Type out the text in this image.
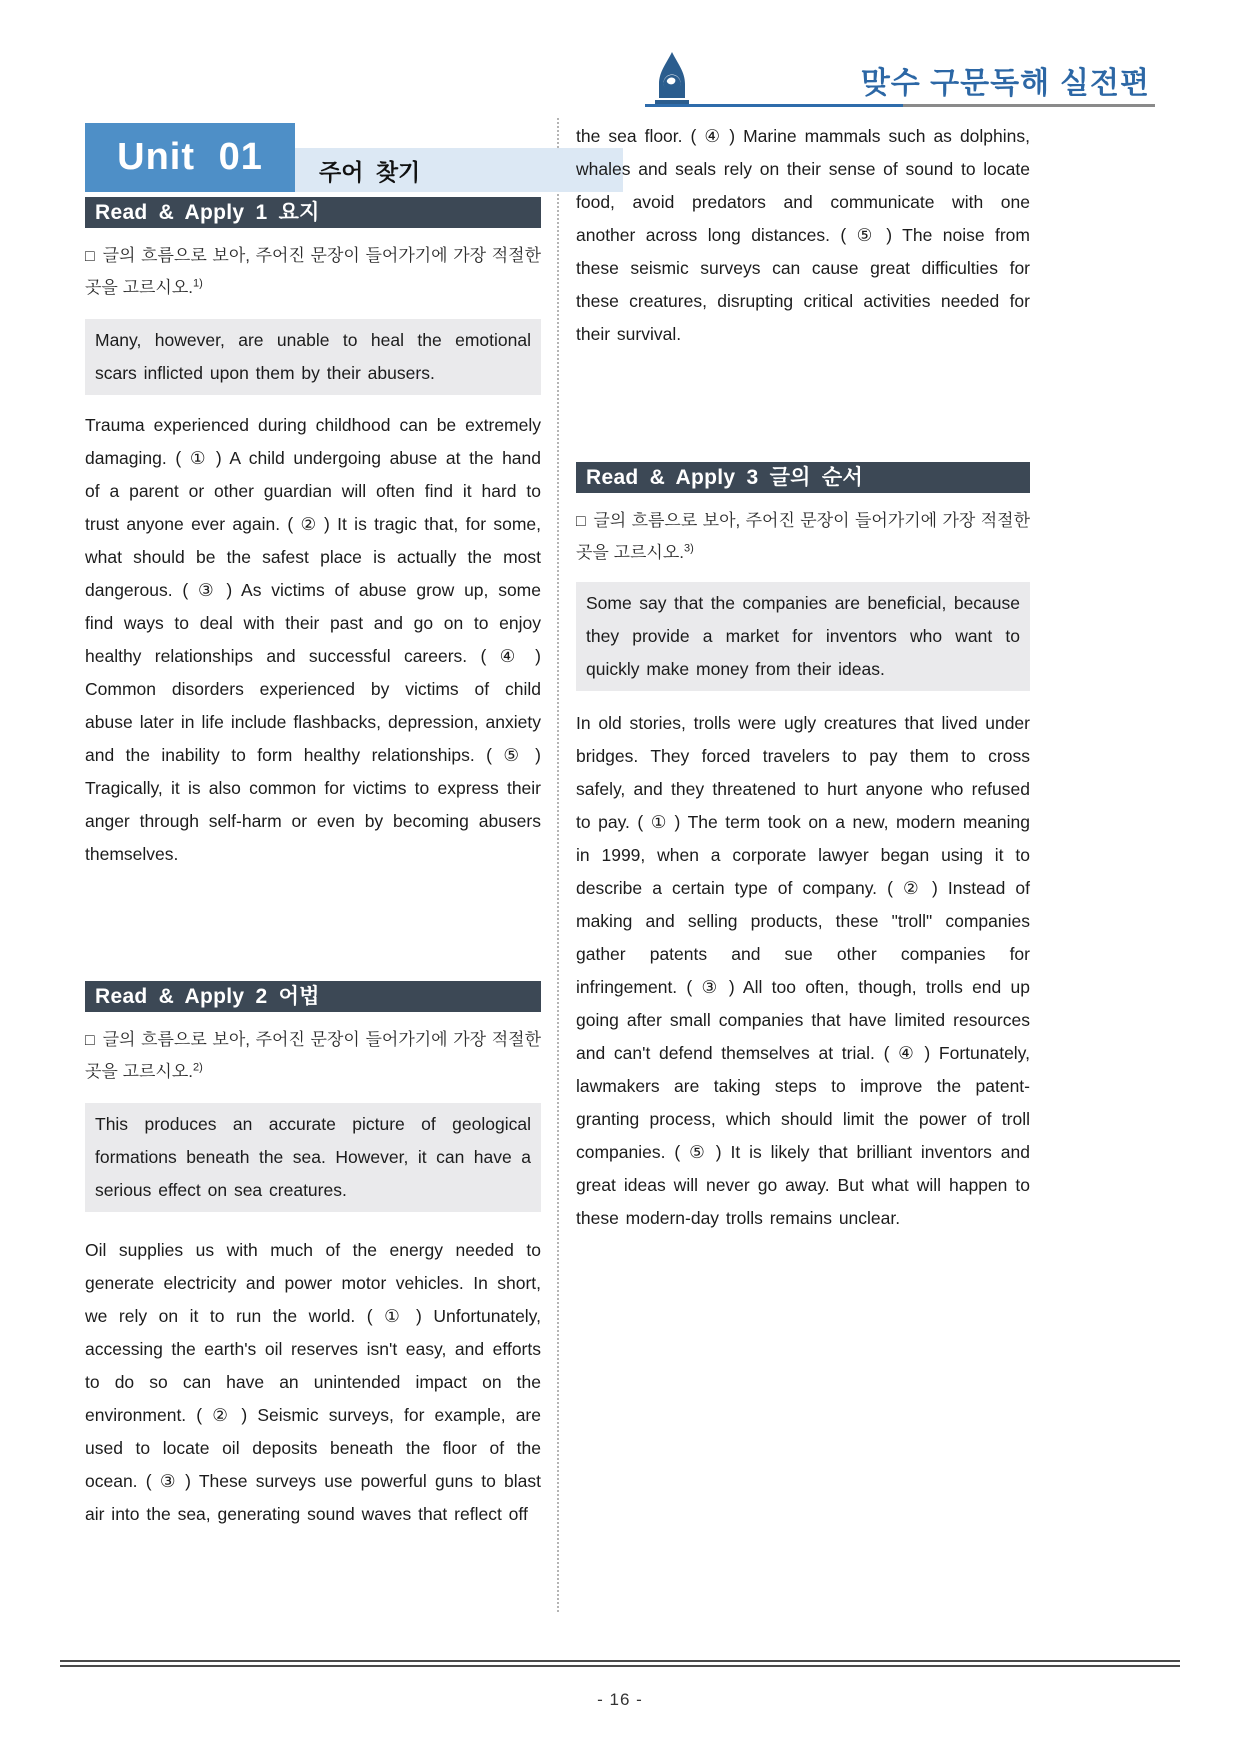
맞수 구문독해 실전편
Unit 01	주어 찾기
Read & Apply 1 요지

□ 글의 흐름으로 보아, 주어진 문장이 들어가기에 가장 적절한 곳을 고르시오.$^{1)}$

Many, however, are unable to heal the emotional scars inflicted upon them by their abusers.

Trauma experienced during childhood can be extremely damaging. ( ① ) A child undergoing abuse at the hand of a parent or other guardian will often find it hard to trust anyone ever again. ( ② ) It is tragic that, for some, what should be the safest place is actually the most dangerous. ( ③ ) As victims of abuse grow up, some find ways to deal with their past and go on to enjoy healthy relationships and successful careers. ( ④ ) Common disorders experienced by victims of child abuse later in life include flashbacks, depression, anxiety and the inability to form healthy relationships. ( ⑤ ) Tragically, it is also common for victims to express their anger through self-harm or even by becoming abusers themselves.

Read & Apply 2 어법

□ 글의 흐름으로 보아, 주어진 문장이 들어가기에 가장 적절한 곳을 고르시오.$^{2)}$

This produces an accurate picture of geological formations beneath the sea. However, it can have a serious effect on sea creatures.

Oil supplies us with much of the energy needed to generate electricity and power motor vehicles. In short, we rely on it to run the world. ( ① ) Unfortunately, accessing the earth's oil reserves isn't easy, and efforts to do so can have an unintended impact on the environment. ( ② ) Seismic surveys, for example, are used to locate oil deposits beneath the floor of the ocean. ( ③ ) These surveys use powerful guns to blast air into the sea, generating sound waves that reflect off

the sea floor. ( ④ ) Marine mammals such as dolphins, whales and seals rely on their sense of sound to locate food, avoid predators and communicate with one another across long distances. ( ⑤ ) The noise from these seismic surveys can cause great difficulties for these creatures, disrupting critical activities needed for their survival.

Read & Apply 3 글의 순서

□ 글의 흐름으로 보아, 주어진 문장이 들어가기에 가장 적절한 곳을 고르시오.$^{3)}$

Some say that the companies are beneficial, because they provide a market for inventors who want to quickly make money from their ideas.

In old stories, trolls were ugly creatures that lived under bridges. They forced travelers to pay them to cross safely, and they threatened to hurt anyone who refused to pay. ( ① ) The term took on a new, modern meaning in 1999, when a corporate lawyer began using it to describe a certain type of company. ( ② ) Instead of making and selling products, these "troll" companies gather patents and sue other companies for infringement. ( ③ ) All too often, though, trolls end up going after small companies that have limited resources and can't defend themselves at trial. ( ④ ) Fortunately, lawmakers are taking steps to improve the patent-granting process, which should limit the power of troll companies. ( ⑤ ) It is likely that brilliant inventors and great ideas will never go away. But what will happen to these modern-day trolls remains unclear.

- 16 -
